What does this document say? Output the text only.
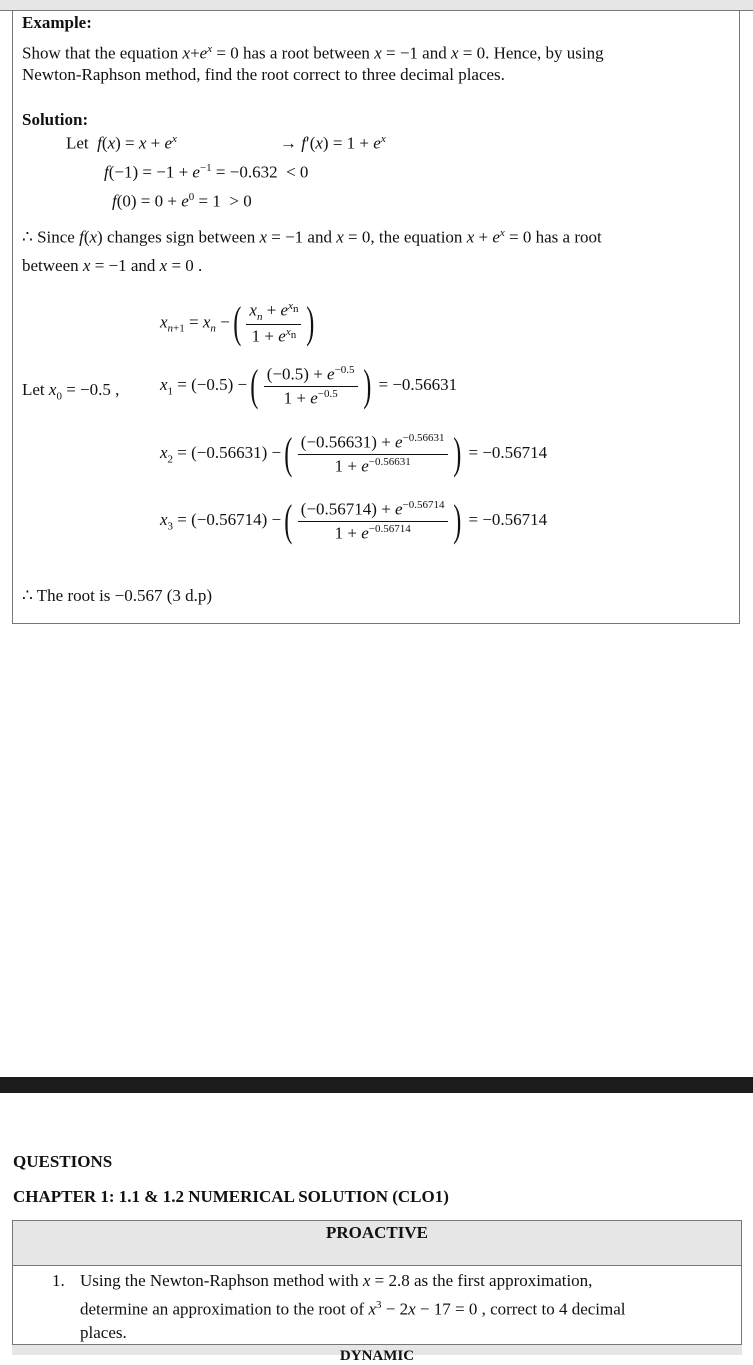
Example:
Show that the equation $x+e^x = 0$ has a root between x = −1 and x = 0. Hence, by using
Newton-Raphson method, find the root correct to three decimal places.
Solution:
Let $f(x) = x + e^x$	→ $f'(x) = 1 + e^x$
$f(-1) = -1 + e^{-1} = -0.632 < 0$
$f(0) = 0 + e^0 = 1 > 0$
∴ Since f(x) changes sign between x = −1 and x = 0, the equation $x + e^x = 0$ has a root
between x = −1 and x = 0 .
$x_{n+1} = x_n$ −( $\frac{x_n + e^{x_n}}{1 + e^{x_n}}$ )
Let $x_0 = -0.5$ , $x_1 = (-0.5)$ −( $\frac{(-0.5) + e^{-0.5}}{1 + e^{-0.5}}$ ) = −0.56631
$x_2 = (-0.56631)$ −( $\frac{(-0.56631) + e^{-0.56631}}{1 + e^{-0.56631}}$ ) = −0.56714
$x_3 = (-0.56714)$ −( $\frac{(-0.56714) + e^{-0.56714}}{1 + e^{-0.56714}}$ ) = −0.56714
∴ The root is −0.567 (3 d.p)
QUESTIONS
CHAPTER 1: 1.1 & 1.2 NUMERICAL SOLUTION (CLO1)
PROACTIVE
1. Using the Newton-Raphson method with x = 2.8 as the first approximation,
determine an approximation to the root of $x^3 - 2x - 17 = 0$ , correct to 4 decimal
places.
DYNAMIC
